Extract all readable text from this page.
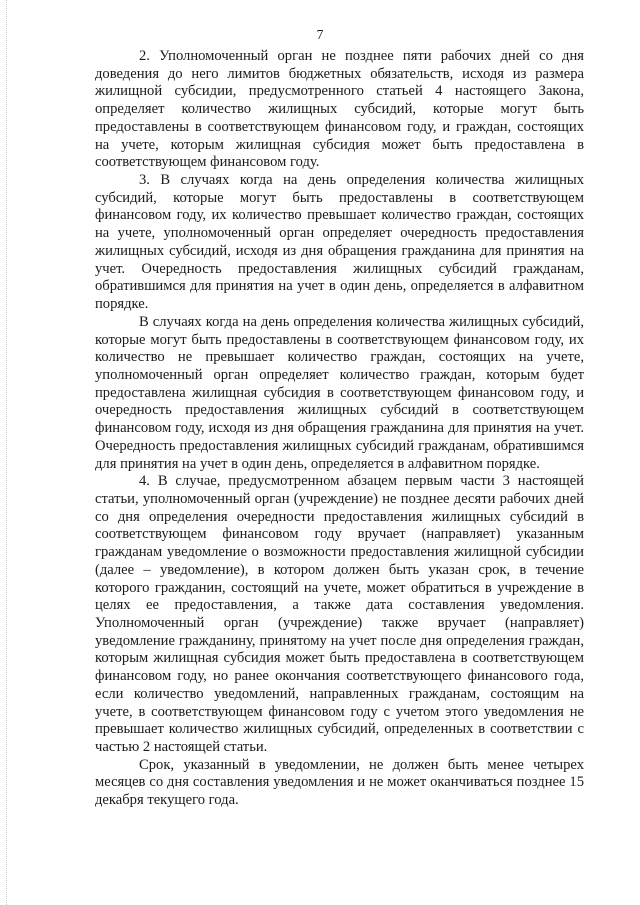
7

2. Уполномоченный орган не позднее пяти рабочих дней со дня доведения до него лимитов бюджетных обязательств, исходя из размера жилищной субсидии, предусмотренного статьей 4 настоящего Закона, определяет количество жилищных субсидий, которые могут быть предоставлены в соответствующем финансовом году, и граждан, состоящих на учете, которым жилищная субсидия может быть предоставлена в соответствующем финансовом году.

3. В случаях когда на день определения количества жилищных субсидий, которые могут быть предоставлены в соответствующем финансовом году, их количество превышает количество граждан, состоящих на учете, уполномоченный орган определяет очередность предоставления жилищных субсидий, исходя из дня обращения гражданина для принятия на учет. Очередность предоставления жилищных субсидий гражданам, обратившимся для принятия на учет в один день, определяется в алфавитном порядке.

В случаях когда на день определения количества жилищных субсидий, которые могут быть предоставлены в соответствующем финансовом году, их количество не превышает количество граждан, состоящих на учете, уполномоченный орган определяет количество граждан, которым будет предоставлена жилищная субсидия в соответствующем финансовом году, и очередность предоставления жилищных субсидий в соответствующем финансовом году, исходя из дня обращения гражданина для принятия на учет. Очередность предоставления жилищных субсидий гражданам, обратившимся для принятия на учет в один день, определяется в алфавитном порядке.

4. В случае, предусмотренном абзацем первым части 3 настоящей статьи, уполномоченный орган (учреждение) не позднее десяти рабочих дней со дня определения очередности предоставления жилищных субсидий в соответствующем финансовом году вручает (направляет) указанным гражданам уведомление о возможности предоставления жилищной субсидии (далее – уведомление), в котором должен быть указан срок, в течение которого гражданин, состоящий на учете, может обратиться в учреждение в целях ее предоставления, а также дата составления уведомления. Уполномоченный орган (учреждение) также вручает (направляет) уведомление гражданину, принятому на учет после дня определения граждан, которым жилищная субсидия может быть предоставлена в соответствующем финансовом году, но ранее окончания соответствующего финансового года, если количество уведомлений, направленных гражданам, состоящим на учете, в соответствующем финансовом году с учетом этого уведомления не превышает количество жилищных субсидий, определенных в соответствии с частью 2 настоящей статьи.

Срок, указанный в уведомлении, не должен быть менее четырех месяцев со дня составления уведомления и не может оканчиваться позднее 15 декабря текущего года.
